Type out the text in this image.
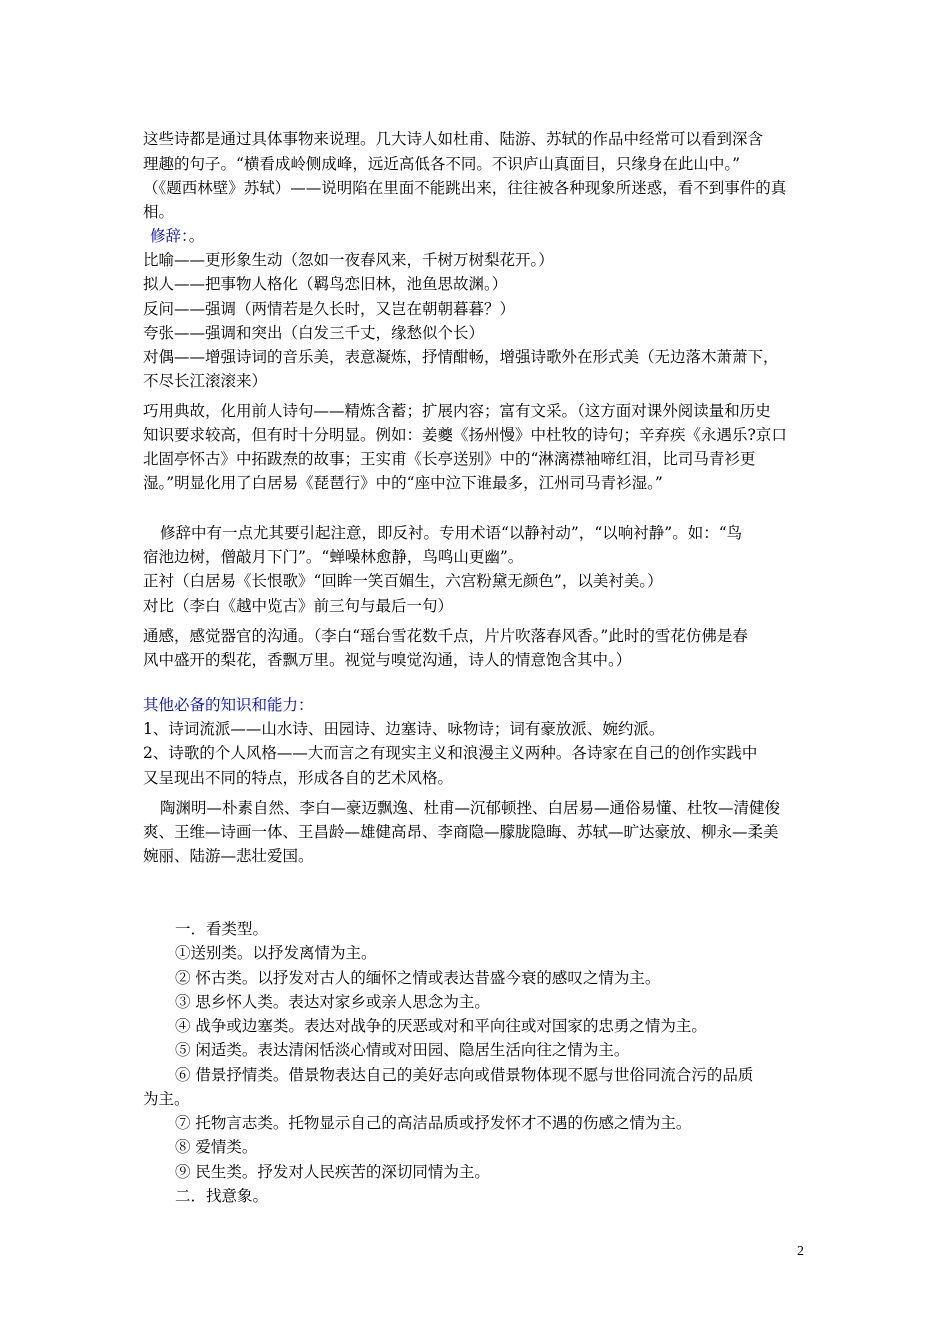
这些诗都是通过具体事物来说理。几大诗人如杜甫、陆游、苏轼的作品中经常可以看到深含
理趣的句子。“横看成岭侧成峰，远近高低各不同。不识庐山真面目，只缘身在此山中。”
（《题西林壁》苏轼）——说明陷在里面不能跳出来，往往被各种现象所迷惑，看不到事件的真
相。
修辞：。
比喻——更形象生动（忽如一夜春风来，千树万树梨花开。）
拟人——把事物人格化（羁鸟恋旧林，池鱼思故渊。）
反问——强调（两情若是久长时，又岂在朝朝暮暮？）
夸张——强调和突出（白发三千丈，缘愁似个长）
对偶——增强诗词的音乐美，表意凝炼，抒情酣畅，增强诗歌外在形式美（无边落木萧萧下，
不尽长江滚滚来）
巧用典故，化用前人诗句——精炼含蓄；扩展内容；富有文采。（这方面对课外阅读量和历史
知识要求较高，但有时十分明显。例如：姜夔《扬州慢》中杜牧的诗句；辛弃疾《永遇乐?京口
北固亭怀古》中拓跋焘的故事；王实甫《长亭送别》中的“淋漓襟袖啼红泪，比司马青衫更
湿。”明显化用了白居易《琵琶行》中的“座中泣下谁最多，江州司马青衫湿。”
修辞中有一点尤其要引起注意，即反衬。专用术语“以静衬动”，“以响衬静”。如：“鸟
宿池边树，僧敲月下门”。“蝉噪林愈静，鸟鸣山更幽”。
正衬（白居易《长恨歌》“回眸一笑百媚生，六宫粉黛无颜色”，以美衬美。）
对比（李白《越中览古》前三句与最后一句）
通感，感觉器官的沟通。（李白“瑶台雪花数千点，片片吹落春风香。”此时的雪花仿佛是春
风中盛开的梨花，香飘万里。视觉与嗅觉沟通，诗人的情意饱含其中。）
其他必备的知识和能力：
1、诗词流派——山水诗、田园诗、边塞诗、咏物诗；词有豪放派、婉约派。
2、诗歌的个人风格——大而言之有现实主义和浪漫主义两种。各诗家在自己的创作实践中
又呈现出不同的特点，形成各自的艺术风格。
陶渊明—朴素自然、李白—豪迈飘逸、杜甫—沉郁顿挫、白居易—通俗易懂、杜牧—清健俊
爽、王维—诗画一体、王昌龄—雄健高昂、李商隐—朦胧隐晦、苏轼—旷达豪放、柳永—柔美
婉丽、陆游—悲壮爱国。
一．看类型。
①送别类。以抒发离情为主。
② 怀古类。以抒发对古人的缅怀之情或表达昔盛今衰的感叹之情为主。
③ 思乡怀人类。表达对家乡或亲人思念为主。
④ 战争或边塞类。表达对战争的厌恶或对和平向往或对国家的忠勇之情为主。
⑤ 闲适类。表达清闲恬淡心情或对田园、隐居生活向往之情为主。
⑥ 借景抒情类。借景物表达自己的美好志向或借景物体现不愿与世俗同流合污的品质
为主。
⑦ 托物言志类。托物显示自己的高洁品质或抒发怀才不遇的伤感之情为主。
⑧ 爱情类。
⑨ 民生类。抒发对人民疾苦的深切同情为主。
二．找意象。
2
